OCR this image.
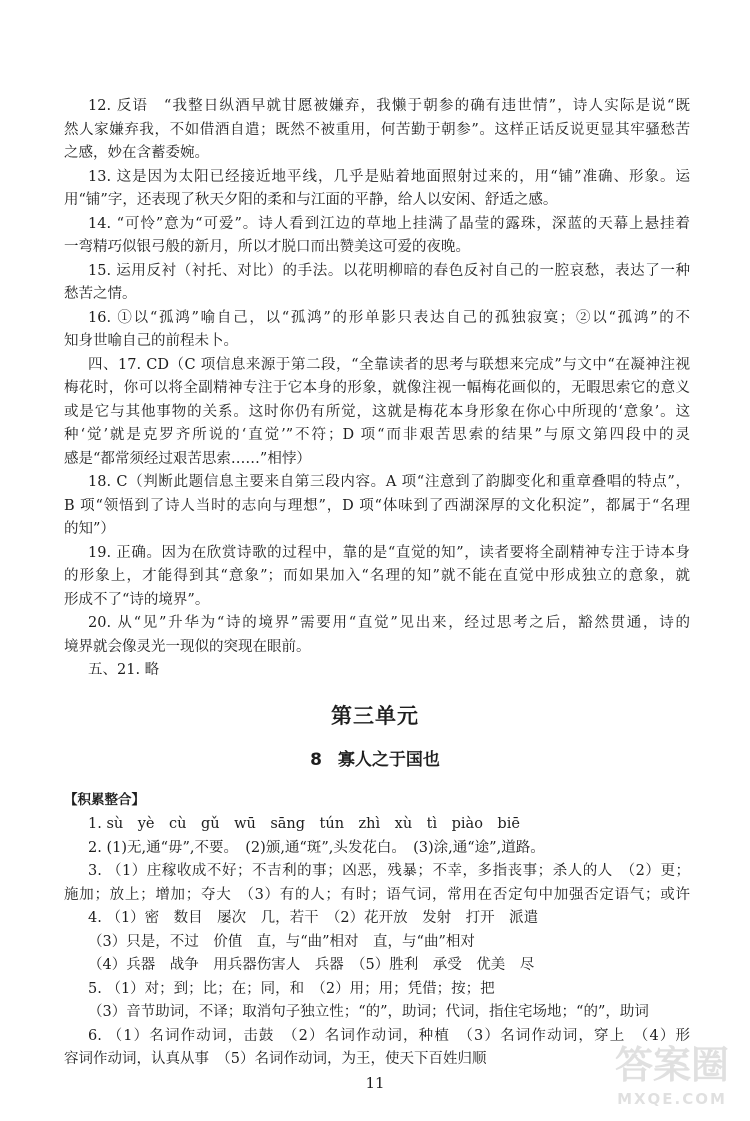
12. 反语　“我整日纵酒早就甘愿被嫌弃，我懒于朝参的确有违世情”，诗人实际是说“既
然人家嫌弃我，不如借酒自遣；既然不被重用，何苦勤于朝参”。这样正话反说更显其牢骚愁苦
之感，妙在含蓄委婉。
13. 这是因为太阳已经接近地平线，几乎是贴着地面照射过来的，用“铺”准确、形象。运
用“铺”字，还表现了秋天夕阳的柔和与江面的平静，给人以安闲、舒适之感。
14. “可怜”意为“可爱”。诗人看到江边的草地上挂满了晶莹的露珠，深蓝的天幕上悬挂着
一弯精巧似银弓般的新月，所以才脱口而出赞美这可爱的夜晚。
15. 运用反衬（衬托、对比）的手法。以花明柳暗的春色反衬自己的一腔哀愁，表达了一种
愁苦之情。
16. ①以“孤鸿”喻自己，以“孤鸿”的形单影只表达自己的孤独寂寞；②以“孤鸿”的不
知身世喻自己的前程未卜。
四、17. CD（C 项信息来源于第二段，“全靠读者的思考与联想来完成”与文中“在凝神注视
梅花时，你可以将全副精神专注于它本身的形象，就像注视一幅梅花画似的，无暇思索它的意义
或是它与其他事物的关系。这时你仍有所觉，这就是梅花本身形象在你心中所现的‘意象’。这
种‘觉’就是克罗齐所说的‘直觉’”不符；D 项“而非艰苦思索的结果”与原文第四段中的灵
感是“都常须经过艰苦思索……”相悖）
18. C（判断此题信息主要来自第三段内容。A 项“注意到了韵脚变化和重章叠唱的特点”，
B 项“领悟到了诗人当时的志向与理想”，D 项“体味到了西湖深厚的文化积淀”，都属于“名理
的知”）
19. 正确。因为在欣赏诗歌的过程中，靠的是“直觉的知”，读者要将全副精神专注于诗本身
的形象上，才能得到其“意象”；而如果加入“名理的知”就不能在直觉中形成独立的意象，就
形成不了“诗的境界”。
20. 从“见”升华为“诗的境界”需要用“直觉”见出来，经过思考之后，豁然贯通，诗的
境界就会像灵光一现似的突现在眼前。
五、21. 略
第三单元
8 寡人之于国也
【积累整合】
1. sù　yè　cù　gǔ　wū　sāng　tún　zhì　xù　tì　piào　biē
2. (1)无,通“毋”,不要。　(2)颁,通“斑”,头发花白。　(3)涂,通“途”,道路。
3. （1）庄稼收成不好；不吉利的事；凶恶，残暴；不幸，多指丧事；杀人的人　（2）更；
施加；放上；增加；夺大　（3）有的人；有时；语气词，常用在否定句中加强否定语气；或许
4. （1）密　数目　屡次　几，若干　（2）花开放　发射　打开　派遣
（3）只是，不过　价值　直，与“曲”相对　直，与“曲”相对
（4）兵器　战争　用兵器伤害人　兵器　（5）胜利　承受　优美　尽
5. （1）对；到；比；在；同，和　（2）用；用；凭借；按；把
（3）音节助词，不译；取消句子独立性；“的”，助词；代词，指住宅场地；“的”，助词
6. （1）名词作动词，击鼓　（2）名词作动词，种植　（3）名词作动词，穿上　（4）形
容词作动词，认真从事　（5）名词作动词，为王，使天下百姓归顺
11	答案圈
MXQE.COM
